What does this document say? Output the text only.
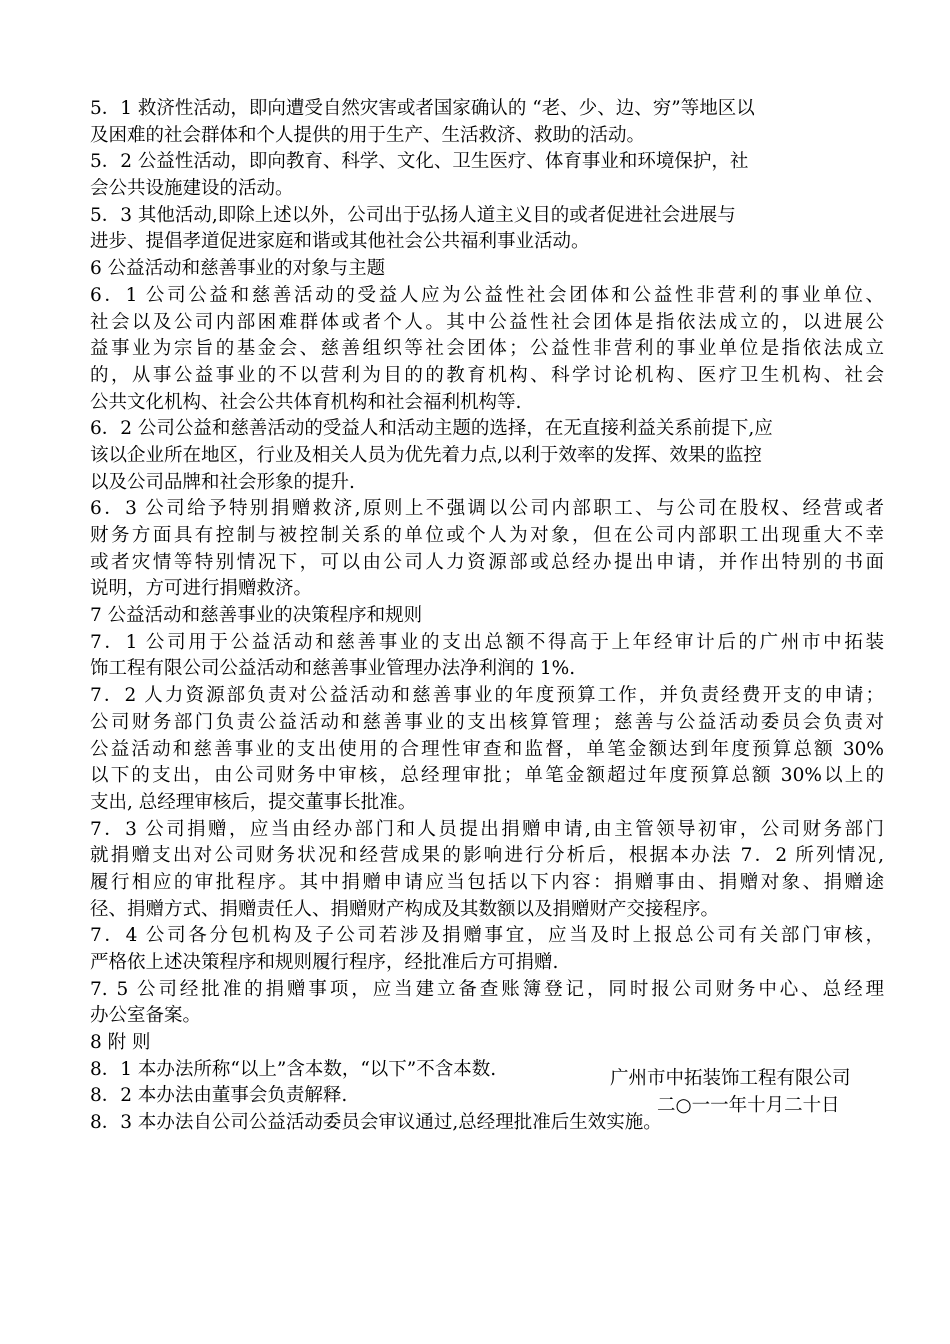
5．1 救济性活动，即向遭受自然灾害或者国家确认的 “老、少、边、穷”等地区以

及困难的社会群体和个人提供的用于生产、生活救济、救助的活动。

5．2 公益性活动，即向教育、科学、文化、卫生医疗、体育事业和环境保护，社

会公共设施建设的活动。

5．3 其他活动,即除上述以外，公司出于弘扬人道主义目的或者促进社会进展与

进步、提倡孝道促进家庭和谐或其他社会公共福利事业活动。

6 公益活动和慈善事业的对象与主题

6．1 公司公益和慈善活动的受益人应为公益性社会团体和公益性非营利的事业单位、

社会以及公司内部困难群体或者个人。其中公益性社会团体是指依法成立的，以进展公

益事业为宗旨的基金会、慈善组织等社会团体；公益性非营利的事业单位是指依法成立

的，从事公益事业的不以营利为目的的教育机构、科学讨论机构、医疗卫生机构、社会

公共文化机构、社会公共体育机构和社会福利机构等.

6．2 公司公益和慈善活动的受益人和活动主题的选择，在无直接利益关系前提下,应

该以企业所在地区，行业及相关人员为优先着力点,以利于效率的发挥、效果的监控

以及公司品牌和社会形象的提升.

6．3 公司给予特别捐赠救济,原则上不强调以公司内部职工、与公司在股权、经营或者

财务方面具有控制与被控制关系的单位或个人为对象，但在公司内部职工出现重大不幸

或者灾情等特别情况下，可以由公司人力资源部或总经办提出申请，并作出特别的书面

说明，方可进行捐赠救济。

7 公益活动和慈善事业的决策程序和规则

7．1 公司用于公益活动和慈善事业的支出总额不得高于上年经审计后的广州市中拓装

饰工程有限公司公益活动和慈善事业管理办法净利润的 1%.

7．2 人力资源部负责对公益活动和慈善事业的年度预算工作，并负责经费开支的申请；

公司财务部门负责公益活动和慈善事业的支出核算管理；慈善与公益活动委员会负责对

公益活动和慈善事业的支出使用的合理性审查和监督，单笔金额达到年度预算总额 30%

以下的支出，由公司财务中审核，总经理审批；单笔金额超过年度预算总额 30%以上的

支出, 总经理审核后，提交董事长批准。

7．3 公司捐赠，应当由经办部门和人员提出捐赠申请,由主管领导初审，公司财务部门

就捐赠支出对公司财务状况和经营成果的影响进行分析后，根据本办法 7．2 所列情况,

履行相应的审批程序。其中捐赠申请应当包括以下内容：捐赠事由、捐赠对象、捐赠途

径、捐赠方式、捐赠责任人、捐赠财产构成及其数额以及捐赠财产交接程序。

7．4 公司各分包机构及子公司若涉及捐赠事宜，应当及时上报总公司有关部门审核，

严格依上述决策程序和规则履行程序，经批准后方可捐赠.

7. 5 公司经批准的捐赠事项，应当建立备查账簿登记，同时报公司财务中心、总经理

办公室备案。

8 附 则

8．1 本办法所称“以上”含本数，“以下”不含本数.

8．2 本办法由董事会负责解释.

8．3 本办法自公司公益活动委员会审议通过,总经理批准后生效实施。

广州市中拓装饰工程有限公司
二○一一年十月二十日
